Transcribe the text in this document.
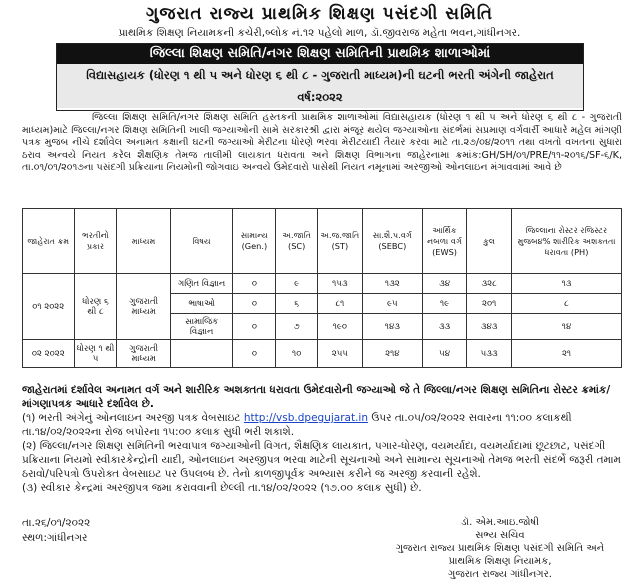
ગુજરાત રાજ્ય પ્રાથમિક શિક્ષણ પસંદગી સમિતિ
પ્રાથમિક શિક્ષણ નિયામકની કચેરી,બ્લોક નં.૧૨ પહેલો માળ, ડૉ.જીવરાજ મહેતા ભવન,ગાંધીનગર.
જિલ્લા શિક્ષણ સમિતિ/નગર શિક્ષણ સમિતિની પ્રાથમિક શાળાઓમાં
વિદ્યાસહાયક (ધોરણ ૧ થી ૫ અને ધોરણ ૬ થી ૮ - ગુજરાતી માધ્યમ)ની ઘટની ભરતી અંગેની જાહેરાત
વર્ષ:૨૦૨૨
જિલ્લા શિક્ષણ સમિતિ/નગર શિક્ષણ સમિતિ હસ્તકની પ્રાથમિક શાળાઓમાં વિદ્યાસહાયક (ધોરણ ૧ થી ૫ અને ધોરણ ૬ થી ૮ - ગુજરાતી માધ્યમ)માટે જિલ્લા/નગર શિક્ષણ સમિતિની ખાલી જગ્યાઓની સામે સરકારશ્રી દ્વારા મંજૂર થયેલ જગ્યાઓના સંદર્ભમાં સપ્રમાણ વર્ગવાર્રી આધારે મહેલ માંગણી પત્રક મુજબ નીચે દર્શાવેલ અનામત કક્ષાની ઘટની જગ્યાઓ મેરીટના ધોરણે ભરવા મેરીટયાદી તૈયાર કરવા માટે તા.૨૭/૦૪/૨૦૧૧ તથા વખતો વખતના સુધારા ઠરાવ અન્વયે નિયત કરેલ શૈક્ષણિક તેમજ તાલીમી લાયકાત ધરાવતા અને શિક્ષણ વિભાગના જાહેરનામા ક્રમાંક:GH/SH/૦૧/PRE/૧૧-૨૦૧૬/SF-૬/K, તા.૦૧/૦૧/૨૦૧૭ના પસંદગી પ્રક્રિયાના નિયમોની જોગવાઇ અન્વયે ઉમેદવારો પાસેથી નિયત નમૂનામાં અરજીઓ ઓનલાઇન મંગાવવામાં આવે છે
જાહેરાત ક્રમ	ભરતીનો પ્રકાર	માધ્યમ	વિષય	સામાન્ય (Gen.)	અ.જાતિ (SC)	અ.જ.જાતિ (ST)	સા.શૈ.પ.વર્ગ (SEBC)	આર્થિક નબળા વર્ગ (EWS)	કુલ	જિલ્લાના રોસ્ટર રજિસ્ટર મુજબ૪% શારીરિક અશક્તતા ધરાવતા (PH)
૦૧ ૨૦૨૨	ધોરણ ૬ થી ૮	ગુજરાતી માધ્યમ	ગણિત વિજ્ઞાન	૦	૯	૧૫૩	૧૩૨	૩૪	૩૨૮	૧૩
			ભાષાઓ	૦	૬	૮૧	૯૫	૧૯	૨૦૧	૮
			સામાજિક વિજ્ઞાન	૦	૭	૧૯૦	૧૪૩	૩૩	૩૪૩	૧૪
૦૨ ૨૦૨૨	ધોરણ ૧ થી ૫	ગુજરાતી માધ્યમ		૦	૧૦	૨૫૫	૨૧૪	૫૪	૫૩૩	૨૧

જાહેરાતમાં દર્શાવેલ અનામત વર્ગ અને શારીરિક અશક્તતા ધરાવતા ઉમેદવારોની જગ્યાઓ જે તે જિલ્લા/નગર શિક્ષણ સમિતિના રોસ્ટર ક્રમાંક/માંગણાપત્રક આધારે દર્શાવેલ છે.

(૧) ભરતી અંગેનું ઓનલાઇન અરજી પત્રક વેબસાઇટ http://vsb.dpegujarat.in ઉપર તા.૦૫/૦૨/૨૦૨૨ સવારના ૧૧:૦૦ કલાકથી તા.૧૪/૦૨/૨૦૨૨ના રોજ બપોરના ૧૫:૦૦ કલાક સુધી ભરી શકાશે.

(૨) જિલ્લા/નગર શિક્ષણ સમિતિની ભરવાપાત્ર જગ્યાઓની વિગત, શૈક્ષણિક લાયકાત, પગાર-ધોરણ, વયમર્યાદા, વયમર્યાદામાં છૂટછાટ, પસંદગી પ્રક્રિયાના નિયમો સ્વીકારકેન્દ્રોની યાદી, ઓનલાઇન અરજીપત્ર ભરવા માટેની સૂચનાઓ અને સામાન્ય સૂચનાઓ તેમજ ભરતી સંદર્ભે જરૂરી તમામ ઠરાવો/પરિપત્રો ઉપરોક્ત વેબસાઇટ પર ઉપલબ્ધ છે. તેનો કાળજીપૂર્વક અભ્યાસ કરીને જ અરજી કરવાની રહેશે.

(૩) સ્વીકાર કેન્દ્રમાં અરજીપત્ર જમા કરાવવાની છેલ્લી તા.૧૪/૦૨/૨૦૨૨ (૧૭.૦૦ કલાક સુધી) છે.

તા.૨૬/૦૧/૨૦૨૨
સ્થળ:ગાંધીનગર
ડૉ. એમ.આઇ.જોષી
સભ્ય સચિવ
ગુજરાત રાજ્ય પ્રાથમિક શિક્ષણ પસંદગી સમિતિ અને
પ્રાથમિક શિક્ષણ નિયામક,
ગુજરાત રાજ્ય ગાંધીનગર.
